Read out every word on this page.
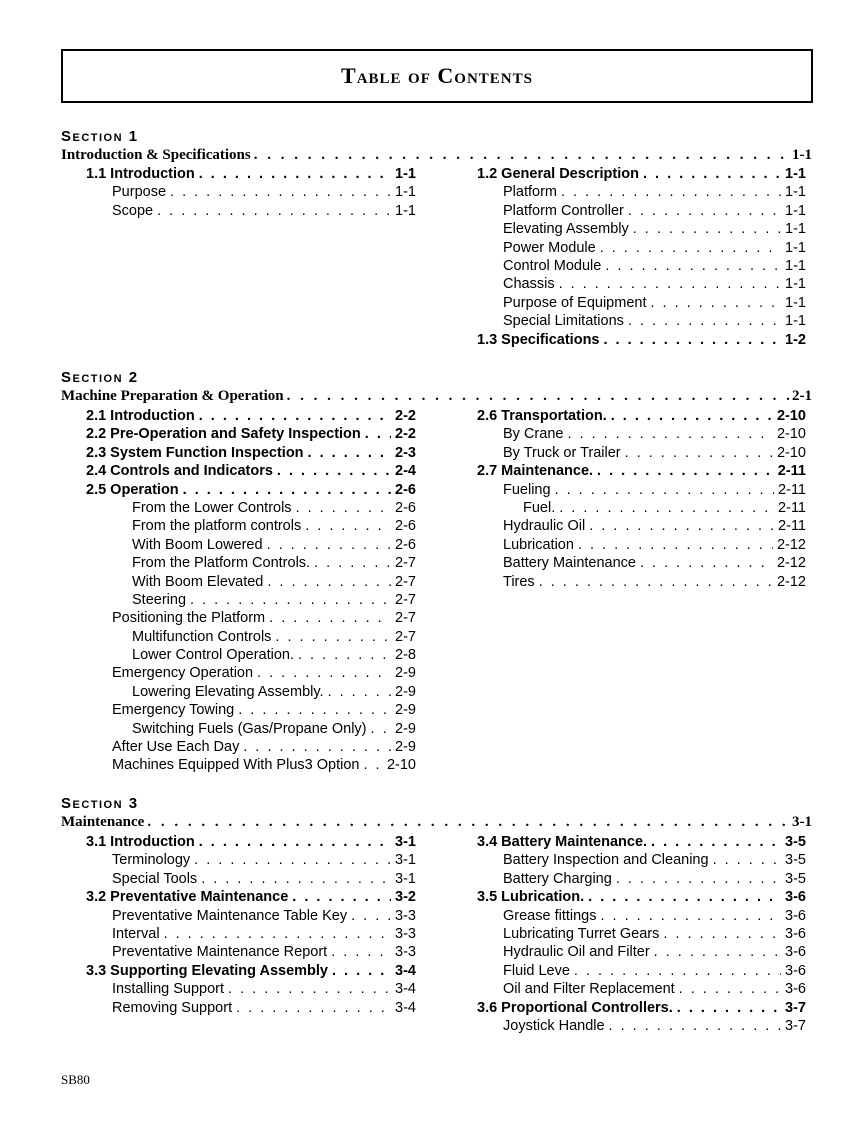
Table of Contents
Section 1
Introduction & Specifications . . .	1-1
1.1 Introduction . . .	1-1
Purpose . . .	1-1
Scope . . .	1-1
1.2 General Description . . .	1-1
Platform . . .	1-1
Platform Controller . . .	1-1
Elevating Assembly . . .	1-1
Power Module . . .	1-1
Control Module . . .	1-1
Chassis . . .	1-1
Purpose of Equipment . . .	1-1
Special Limitations . . .	1-1
1.3 Specifications . . .	1-2
Section 2
Machine Preparation & Operation . . .	2-1
2.1 Introduction . . .	2-2
2.2 Pre-Operation and Safety Inspection . . . 2-2
2.3 System Function Inspection . . .	2-3
2.4 Controls and Indicators . . .	2-4
2.5 Operation . . .	2-6
From the Lower Controls . . .	2-6
From the platform controls . . .	2-6
With Boom Lowered . . .	2-6
From the Platform Controls. . . .	2-7
With Boom Elevated . . .	2-7
Steering . . .	2-7
Positioning the Platform . . .	2-7
Multifunction Controls . . .	2-7
Lower Control Operation. . . .	2-8
Emergency Operation . . .	2-9
Lowering Elevating Assembly. . . .	2-9
Emergency Towing . . .	2-9
Switching Fuels (Gas/Propane Only) . . . 2-9
After Use Each Day . . .	2-9
Machines Equipped With Plus3 Option . . . 2-10
2.6 Transportation. . . .	2-10
By Crane . . .	2-10
By Truck or Trailer . . .	2-10
2.7 Maintenance. . . .	2-11
Fueling . . .	2-11
Fuel. . . .	2-11
Hydraulic Oil . . .	2-11
Lubrication . . .	2-12
Battery Maintenance . . .	2-12
Tires . . .	2-12
Section 3
Maintenance . . .	3-1
3.1 Introduction . . .	3-1
Terminology . . .	3-1
Special Tools . . .	3-1
3.2 Preventative Maintenance . . .	3-2
Preventative Maintenance Table Key . . .	3-3
Interval . . .	3-3
Preventative Maintenance Report . . .	3-3
3.3 Supporting Elevating Assembly . . .	3-4
Installing Support . . .	3-4
Removing Support . . .	3-4
3.4 Battery Maintenance. . . .	3-5
Battery Inspection and Cleaning . . .	3-5
Battery Charging . . .	3-5
3.5 Lubrication. . . .	3-6
Grease fittings . . .	3-6
Lubricating Turret Gears . . .	3-6
Hydraulic Oil and Filter . . .	3-6
Fluid Leve . . .	3-6
Oil and Filter Replacement . . .	3-6
3.6 Proportional Controllers. . . .	3-7
Joystick Handle . . .	3-7
SB80
